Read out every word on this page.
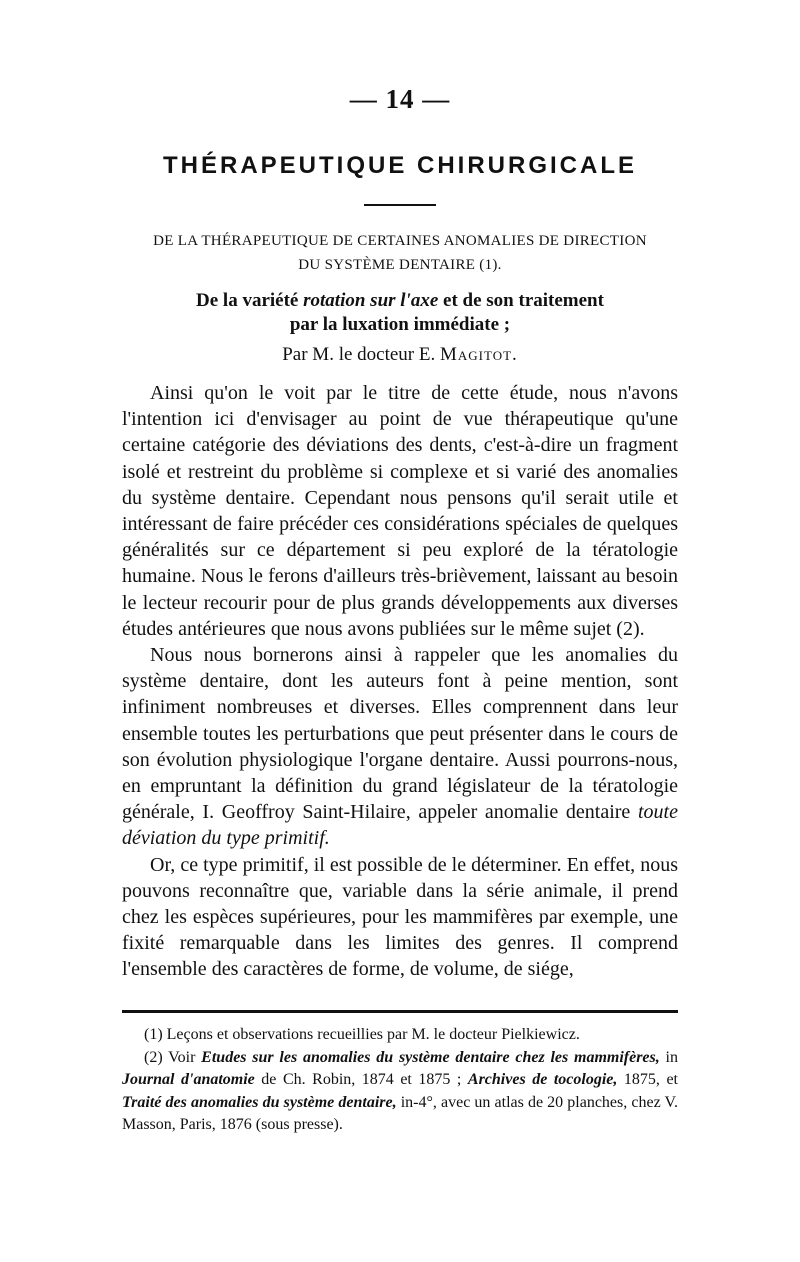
— 14 —
THÉRAPEUTIQUE CHIRURGICALE
DE LA THÉRAPEUTIQUE DE CERTAINES ANOMALIES DE DIRECTION
DU SYSTÈME DENTAIRE (1).
De la variété rotation sur l'axe et de son traitement
par la luxation immédiate ;
Par M. le docteur E. Magitot.

Ainsi qu'on le voit par le titre de cette étude, nous n'avons l'intention ici d'envisager au point de vue thérapeutique qu'une certaine catégorie des déviations des dents, c'est-à-dire un fragment isolé et restreint du problème si complexe et si varié des anomalies du système dentaire. Cependant nous pensons qu'il serait utile et intéressant de faire précéder ces considérations spéciales de quelques généralités sur ce département si peu exploré de la tératologie humaine. Nous le ferons d'ailleurs très-brièvement, laissant au besoin le lecteur recourir pour de plus grands développements aux diverses études antérieures que nous avons publiées sur le même sujet (2).

Nous nous bornerons ainsi à rappeler que les anomalies du système dentaire, dont les auteurs font à peine mention, sont infiniment nombreuses et diverses. Elles comprennent dans leur ensemble toutes les perturbations que peut présenter dans le cours de son évolution physiologique l'organe dentaire. Aussi pourrons-nous, en empruntant la définition du grand législateur de la tératologie générale, I. Geoffroy Saint-Hilaire, appeler anomalie dentaire toute déviation du type primitif.

Or, ce type primitif, il est possible de le déterminer. En effet, nous pouvons reconnaître que, variable dans la série animale, il prend chez les espèces supérieures, pour les mammifères par exemple, une fixité remarquable dans les limites des genres. Il comprend l'ensemble des caractères de forme, de volume, de siége,

(1) Leçons et observations recueillies par M. le docteur Pielkiewicz.

(2) Voir Etudes sur les anomalies du système dentaire chez les mammifères, in Journal d'anatomie de Ch. Robin, 1874 et 1875 ; Archives de tocologie, 1875, et Traité des anomalies du système dentaire, in-4°, avec un atlas de 20 planches, chez V. Masson, Paris, 1876 (sous presse).
